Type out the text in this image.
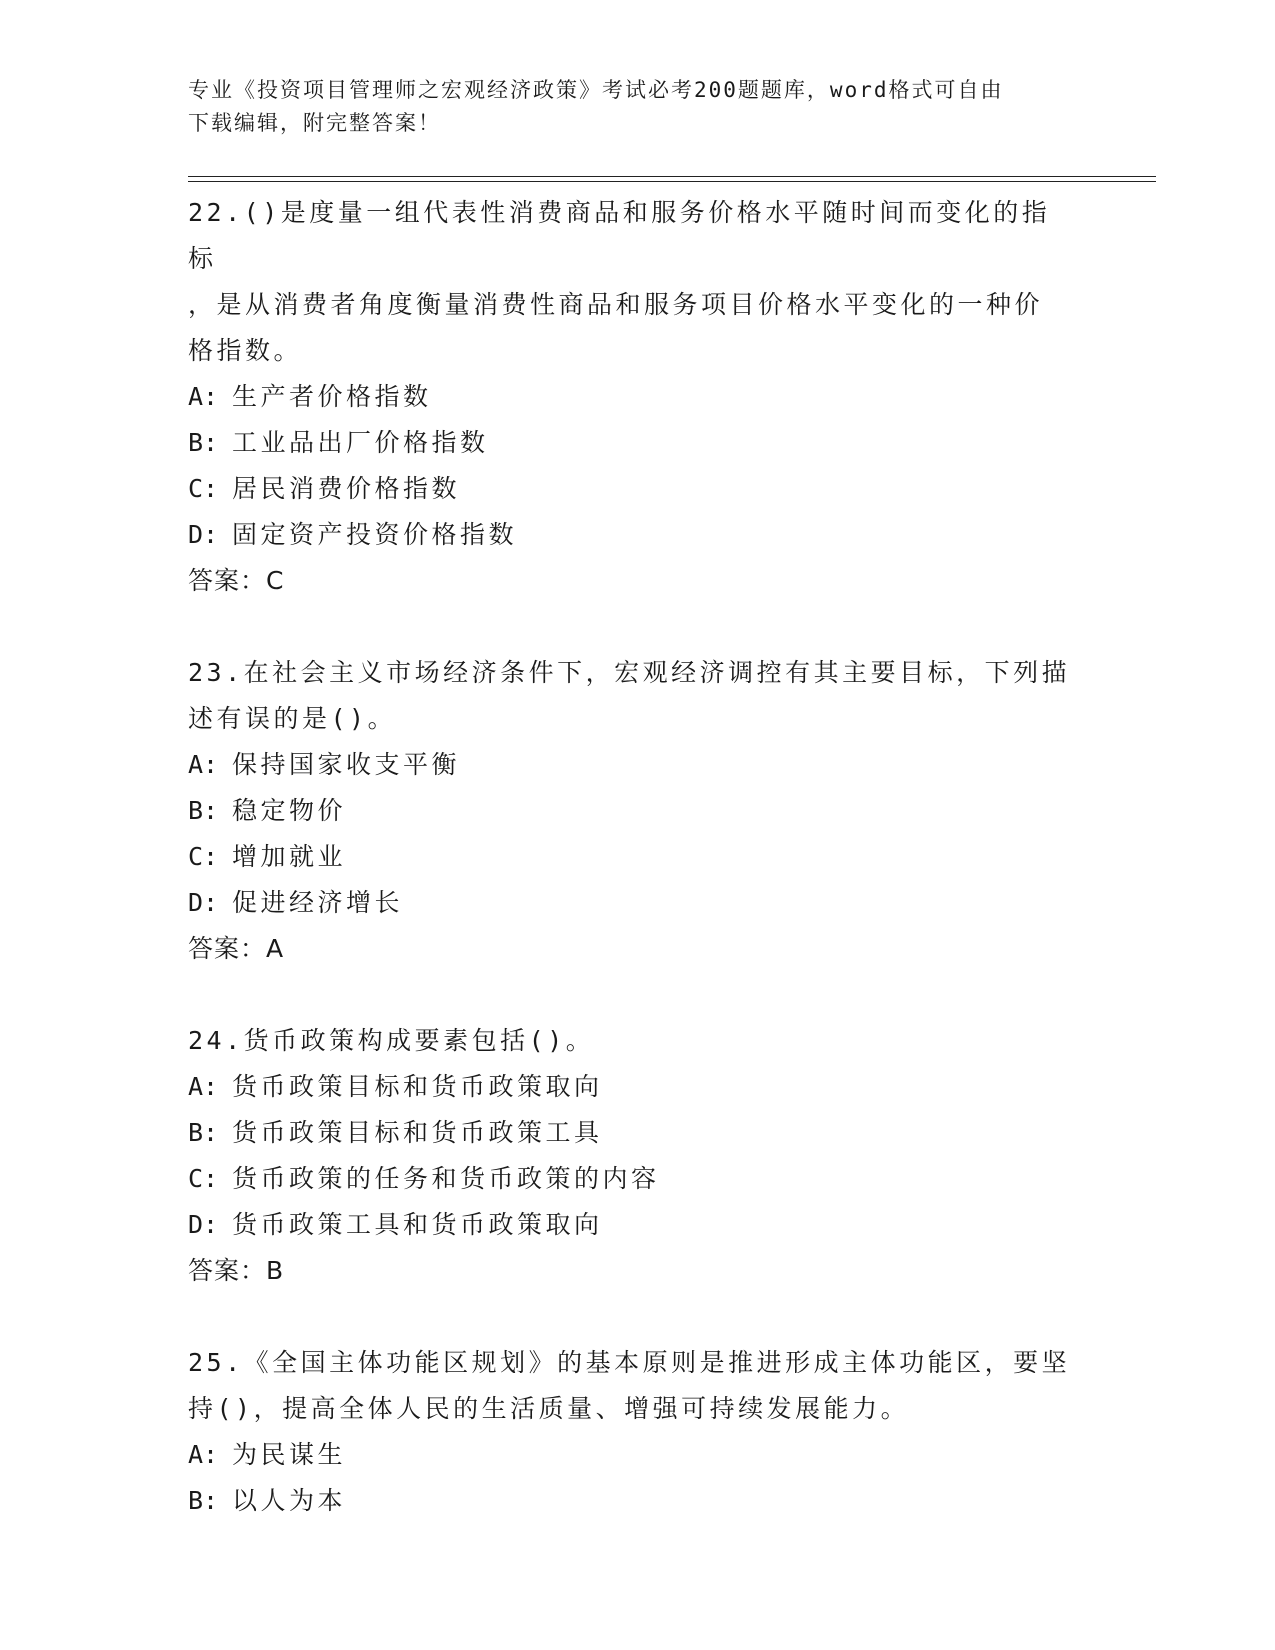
专业《投资项目管理师之宏观经济政策》考试必考200题题库，word格式可自由
下载编辑，附完整答案！

22.()是度量一组代表性消费商品和服务价格水平随时间而变化的指标

，是从消费者角度衡量消费性商品和服务项目价格水平变化的一种价

格指数。

A: 生产者价格指数

B: 工业品出厂价格指数

C: 居民消费价格指数

D: 固定资产投资价格指数

答案：C

23.在社会主义市场经济条件下，宏观经济调控有其主要目标，下列描

述有误的是()。

A: 保持国家收支平衡

B: 稳定物价

C: 增加就业

D: 促进经济增长

答案：A

24.货币政策构成要素包括()。

A: 货币政策目标和货币政策取向

B: 货币政策目标和货币政策工具

C: 货币政策的任务和货币政策的内容

D: 货币政策工具和货币政策取向

答案：B

25.《全国主体功能区规划》的基本原则是推进形成主体功能区，要坚

持()，提高全体人民的生活质量、增强可持续发展能力。

A: 为民谋生

B: 以人为本
